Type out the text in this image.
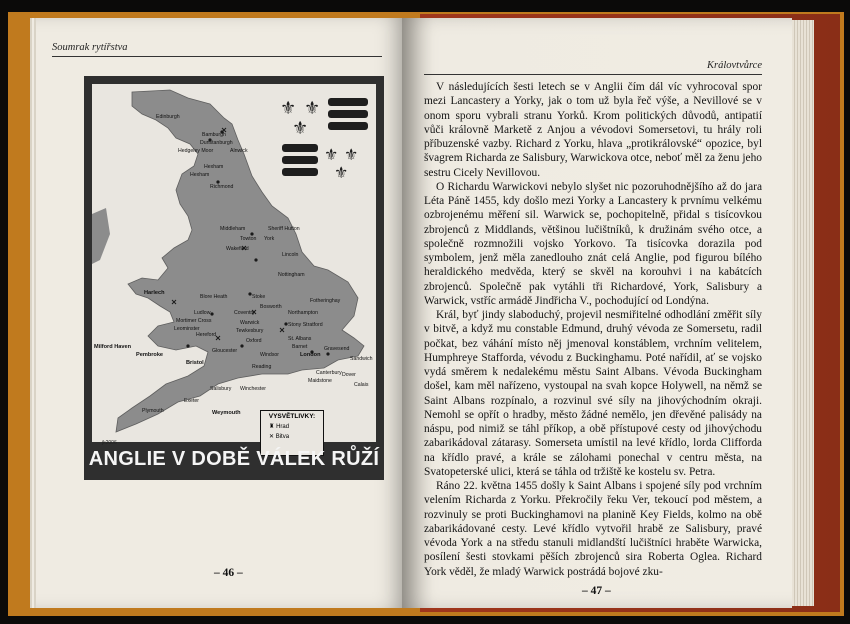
Soumrak rytířstva
⚜ ⚜
⚜
⚜ ⚜
⚜
Edinburgh
Bamburgh
Dunstanburgh
Hedgeley Moor	Alnwick
Hexham
Richmond
Middleham	Sheriff Hutton
Towton York
Wakefield
Lincoln
Nottingham
Harlech
Blore Heath	Stoke
Bosworth
Ludlow	Coventry
Fotheringhay
Mortimer Cross	Warwick
Northampton
Leominster	Tewkesbury
Stony Stratford
Pembroke
Oxford	St. Albans
Barnet
Milford Haven
Gloucester
Windsor	London
Gravesend
Bristol
Sandwich
Reading
Canterbury
Maidstone
Dover
Calais
Salisbury Winchester
Plymouth
Exeter
Weymouth
Hereford
Hexham
VYSVĚTLIVKY:
♜ Hrad
✕ Bitva
jk2006
ANGLIE V DOBĚ VÁLEK RŮŽÍ
– 46 –
Královtvůrce

V následujících šesti letech se v Anglii čím dál víc vyhrocoval spor mezi Lancastery a Yorky, jak o tom už byla řeč výše, a Nevillové se v onom sporu vybrali stranu Yorků. Krom politických důvodů, antipatií vůči královně Marketě z Anjou a vévodovi Somersetovi, tu hrály roli příbuzenské vazby. Richard z Yorku, hlava „protikrálovské“ opozice, byl švagrem Richarda ze Salisbury, Warwickova otce, neboť měl za ženu jeho sestru Cicely Nevillovou.

O Richardu Warwickovi nebylo slyšet nic pozoruhodnějšího až do jara Léta Páně 1455, kdy došlo mezi Yorky a Lancastery k prvnímu velkému ozbrojenému měření sil. Warwick se, pochopitelně, přidal s tisícovkou zbrojenců z Middlands, většinou lučištníků, k družinám svého otce, a společně rozmnožili vojsko Yorkovo. Ta tisícovka dorazila pod symbolem, jenž měla zanedlouho znát celá Anglie, pod figurou bílého heraldického medvěda, který se skvěl na korouhvi i na kabátcích zbrojenců. Společně pak vytáhli tři Richardové, York, Salisbury a Warwick, vstříc armádě Jindřicha V., pochodující od Londýna.

Král, byť jindy slaboduchý, projevil nesmiřitelné odhodlání změřit síly v bitvě, a když mu constable Edmund, druhý vévoda ze Somersetu, radil počkat, bez váhání místo něj jmenoval konstáblem, vrchním velitelem, Humphreye Stafforda, vévodu z Buckinghamu. Poté nařídil, ať se vojsko vydá směrem k nedalekému městu Saint Albans. Vévoda Buckingham došel, kam měl nařízeno, vystoupal na svah kopce Holywell, na němž se Saint Albans rozpínalo, a rozvinul své síly na jihovýchodním okraji. Nemohl se opřít o hradby, město žádné nemělo, jen dřevěné palisády na náspu, pod nimiž se táhl příkop, a obě přístupové cesty od jihovýchodu zabarikádoval zátarasy. Somerseta umístil na levé křídlo, lorda Clifforda na křídlo pravé, a krále se zálohami ponechal v centru města, na Svatopeterské ulici, která se táhla od tržiště ke kostelu sv. Petra.

Ráno 22. května 1455 došly k Saint Albans i spojené síly pod vrchním velením Richarda z Yorku. Překročily řeku Ver, tekoucí pod městem, a rozvinuly se proti Buckinghamovi na planině Key Fields, kolmo na obě zabarikádované cesty. Levé křídlo vytvořil hrabě ze Salisbury, pravé vévoda York a na středu stanuli midlandští lučištníci hraběte Warwicka, posílení šesti stovkami pěších zbrojenců sira Roberta Oglea. Richard York věděl, že mladý Warwick postrádá bojové zku-

– 47 –
